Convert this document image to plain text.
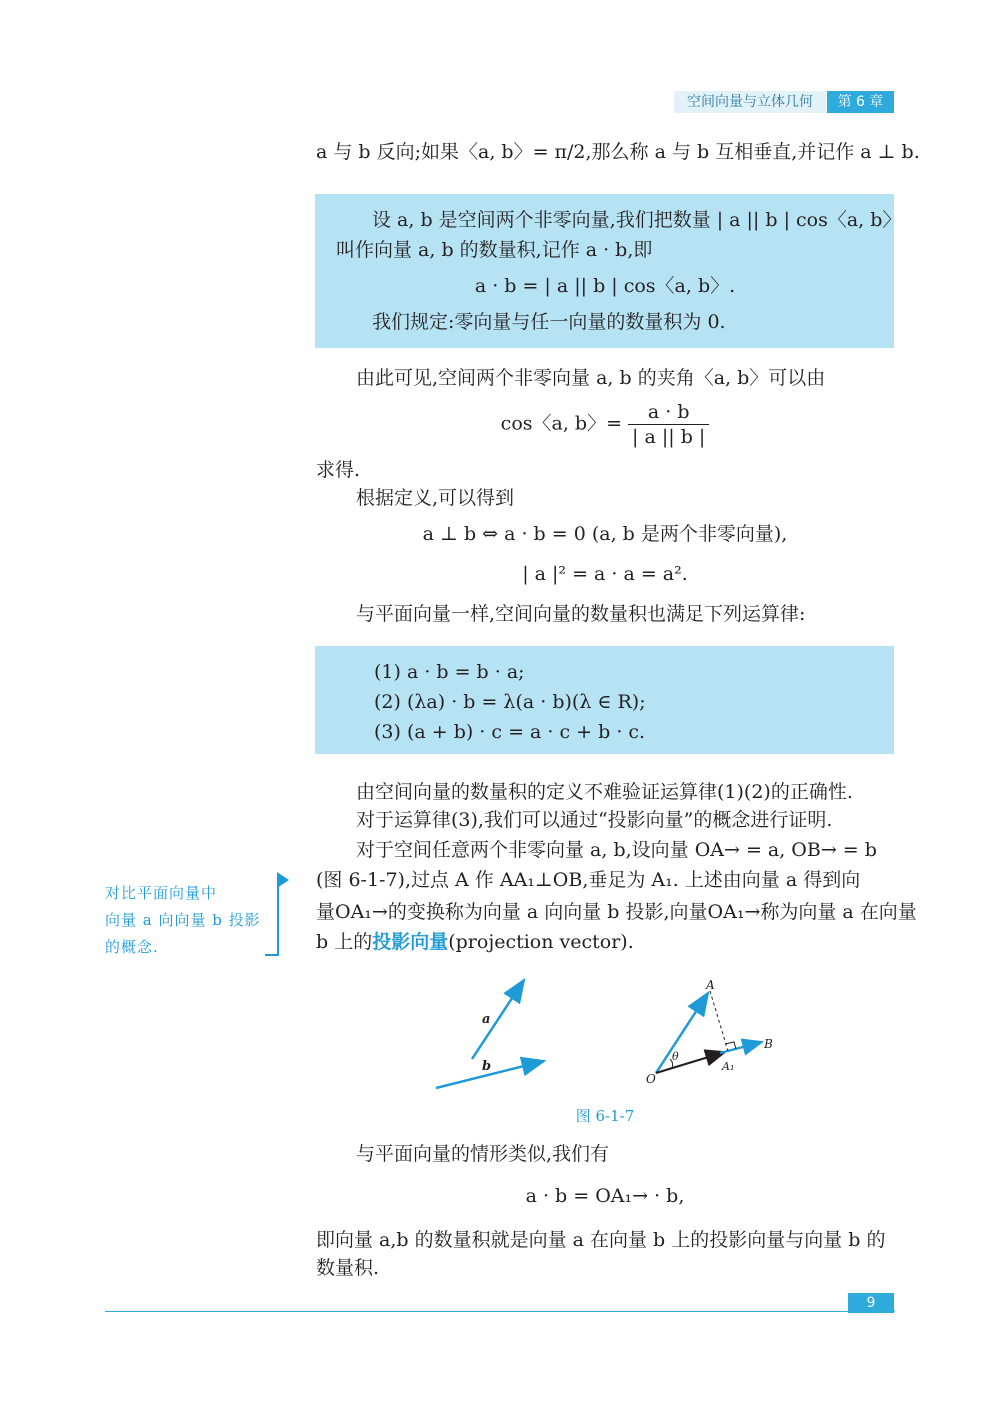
空间向量与立体几何	第 6 章
a 与 b 反向;如果〈a, b〉= π/2,那么称 a 与 b 互相垂直,并记作 a ⊥ b.
设 a, b 是空间两个非零向量,我们把数量 | a || b | cos〈a, b〉
叫作向量 a, b 的数量积,记作 a · b,即
a · b = | a || b | cos〈a, b〉.
我们规定:零向量与任一向量的数量积为 0.
由此可见,空间两个非零向量 a, b 的夹角〈a, b〉可以由
cos〈a, b〉= $\frac{a \cdot b}{| a || b |}$
求得.
根据定义,可以得到
a ⊥ b ⇔ a · b = 0 (a, b 是两个非零向量),
| a |² = a · a = a².
与平面向量一样,空间向量的数量积也满足下列运算律:
(1) a · b = b · a;
(2) (λa) · b = λ(a · b)(λ ∈ R);
(3) (a + b) · c = a · c + b · c.
由空间向量的数量积的定义不难验证运算律(1)(2)的正确性.
对于运算律(3),我们可以通过“投影向量”的概念进行证明.
对于空间任意两个非零向量 a, b,设向量 OA→ = a, OB→ = b
(图 6-1-7),过点 A 作 AA₁⊥OB,垂足为 A₁. 上述由向量 a 得到向
量OA₁→的变换称为向量 a 向向量 b 投影,向量OA₁→称为向量 a 在向量
b 上的投影向量(projection vector).
对比平面向量中
向量 a 向向量 b 投影
的概念.
a
b
A
B
O
A₁
θ
图 6-1-7
与平面向量的情形类似,我们有
a · b = OA₁→ · b,
即向量 a,b 的数量积就是向量 a 在向量 b 上的投影向量与向量 b 的
数量积.
9
